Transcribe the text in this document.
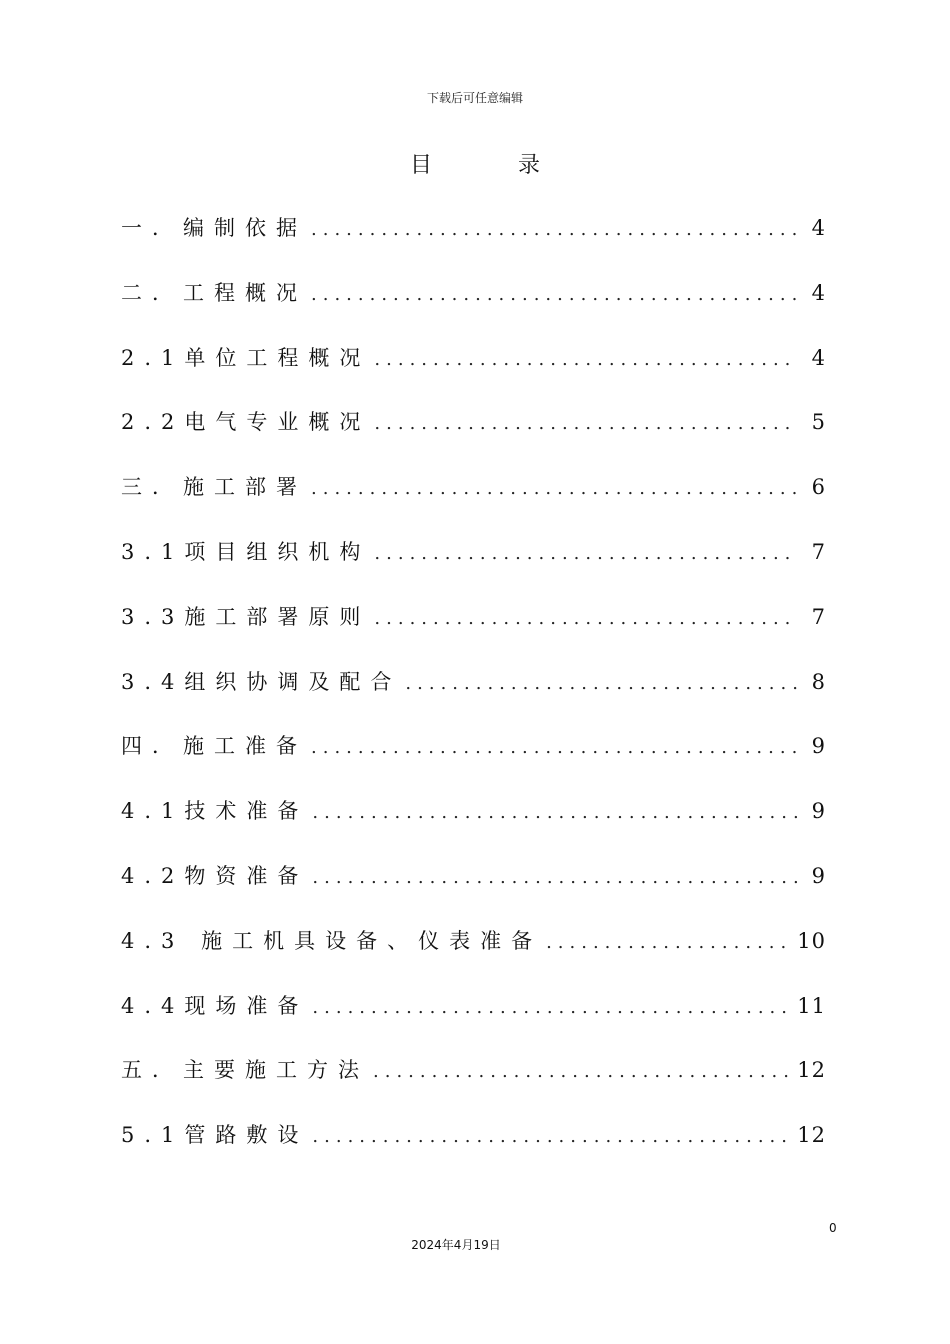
下载后可任意编辑
目录
一．编制依据 .....	4
二．工程概况 .....	4
2.1单位工程概况 .....	4
2.2电气专业概况 .....	5
三．施工部署 .....	6
3.1项目组织机构 .....	7
3.3施工部署原则 .....	7
3.4组织协调及配合 .....	8
四．施工准备 .....	9
4.1技术准备 .....	9
4.2物资准备 .....	9
4.3 施工机具设备、仪表准备 .....	10
4.4现场准备 .....	11
五．主要施工方法 .....	12
5.1管路敷设 .....	12
0
2024年4月19日
